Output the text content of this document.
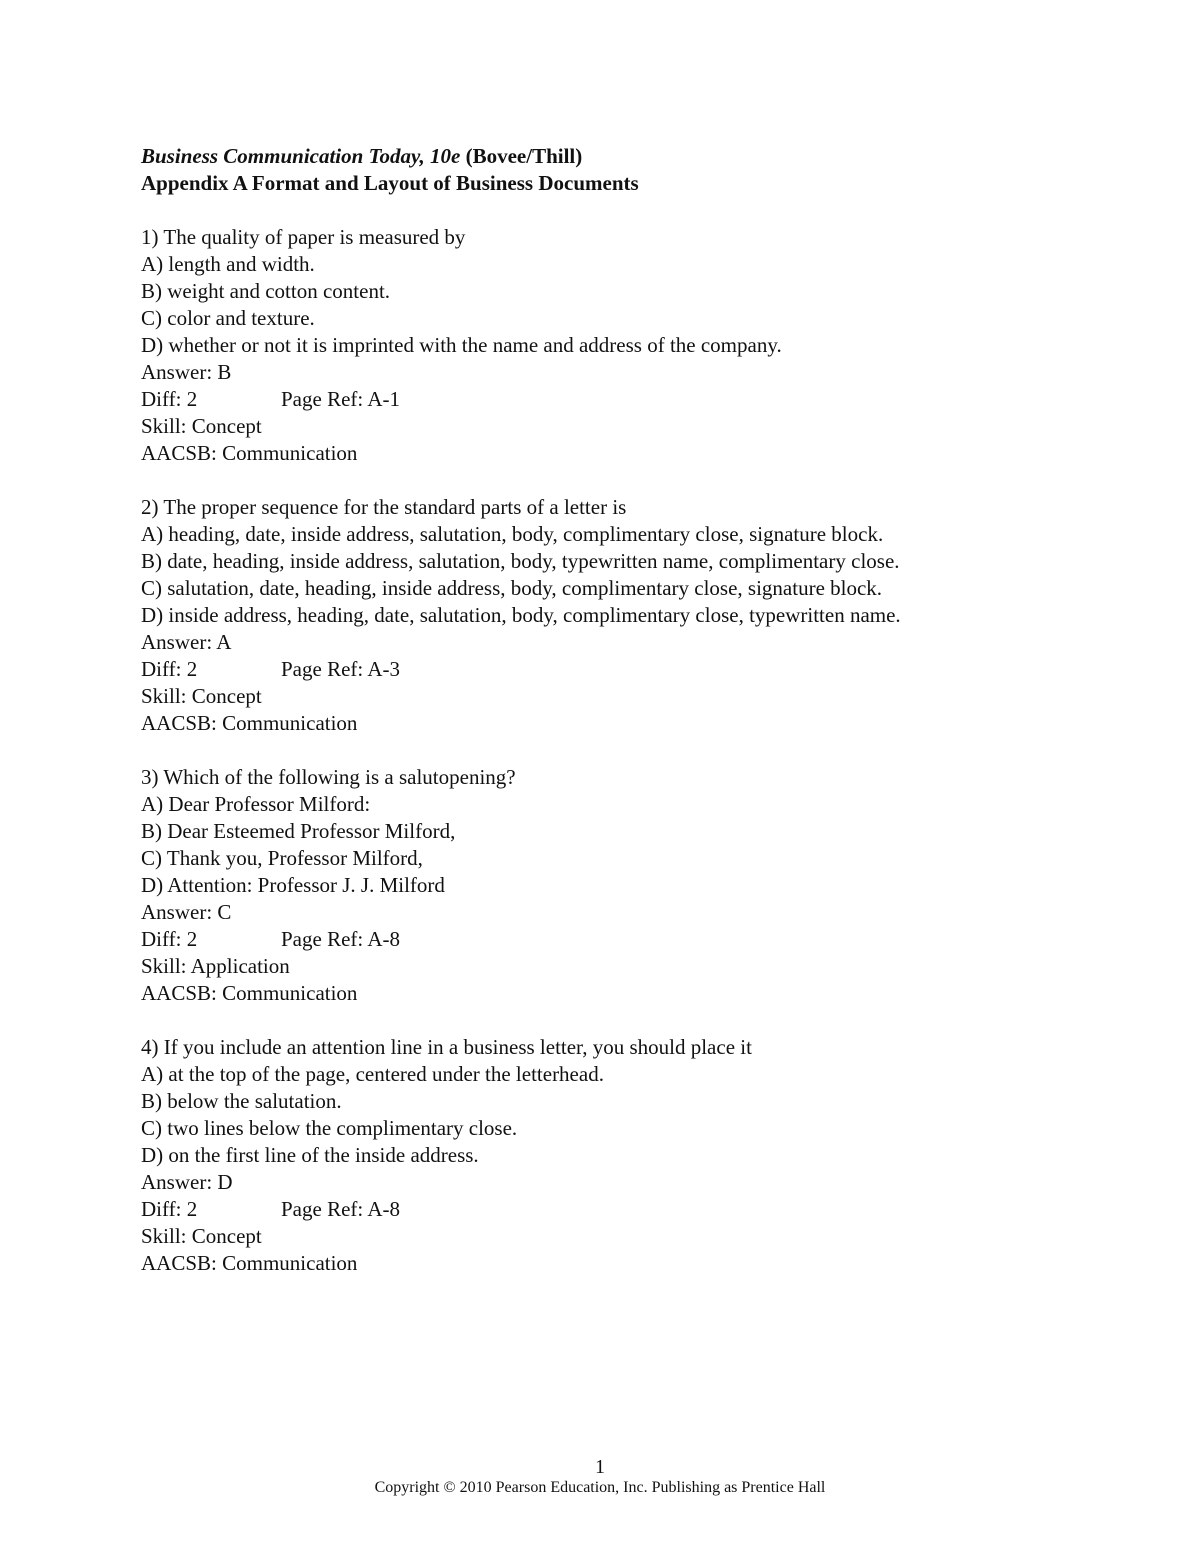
Business Communication Today, 10e (Bovee/Thill)
Appendix A Format and Layout of Business Documents
1) The quality of paper is measured by
A) length and width.
B) weight and cotton content.
C) color and texture.
D) whether or not it is imprinted with the name and address of the company.
Answer: B
Diff: 2	Page Ref: A-1
Skill: Concept
AACSB: Communication
2) The proper sequence for the standard parts of a letter is
A) heading, date, inside address, salutation, body, complimentary close, signature block.
B) date, heading, inside address, salutation, body, typewritten name, complimentary close.
C) salutation, date, heading, inside address, body, complimentary close, signature block.
D) inside address, heading, date, salutation, body, complimentary close, typewritten name.
Answer: A
Diff: 2	Page Ref: A-3
Skill: Concept
AACSB: Communication
3) Which of the following is a salutopening?
A) Dear Professor Milford:
B) Dear Esteemed Professor Milford,
C) Thank you, Professor Milford,
D) Attention: Professor J. J. Milford
Answer: C
Diff: 2	Page Ref: A-8
Skill: Application
AACSB: Communication
4) If you include an attention line in a business letter, you should place it
A) at the top of the page, centered under the letterhead.
B) below the salutation.
C) two lines below the complimentary close.
D) on the first line of the inside address.
Answer: D
Diff: 2	Page Ref: A-8
Skill: Concept
AACSB: Communication
1
Copyright © 2010 Pearson Education, Inc. Publishing as Prentice Hall
